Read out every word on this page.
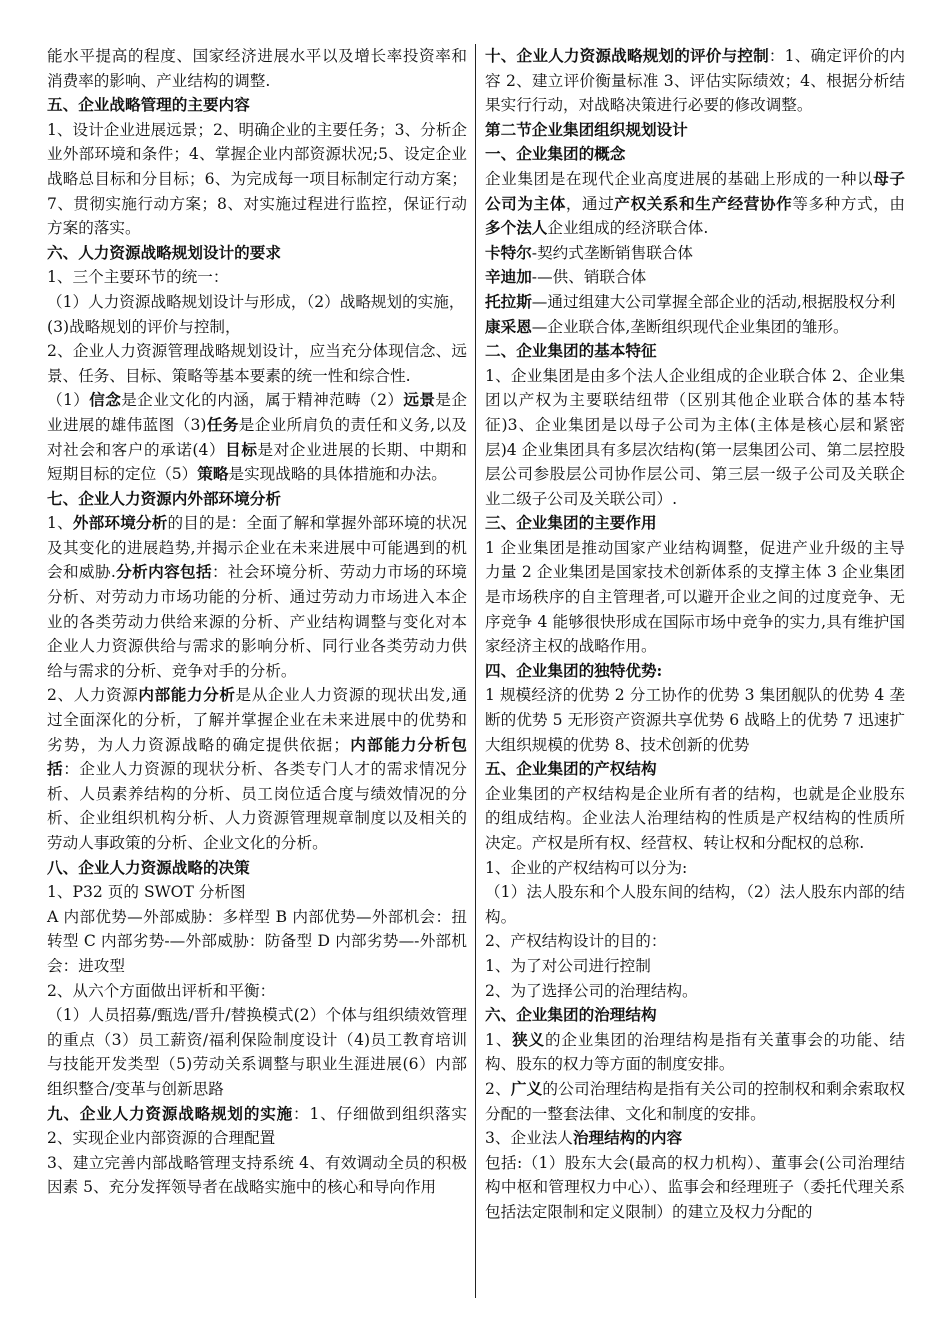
能水平提高的程度、国家经济进展水平以及增长率投资率和消费率的影响、产业结构的调整.

五、企业战略管理的主要内容

1、设计企业进展远景；2、明确企业的主要任务；3、分析企业外部环境和条件；4、掌握企业内部资源状况;5、设定企业战略总目标和分目标；6、为完成每一项目标制定行动方案；7、贯彻实施行动方案；8、对实施过程进行监控，保证行动方案的落实。

六、人力资源战略规划设计的要求

1、三个主要环节的统一：

（1）人力资源战略规划设计与形成，（2）战略规划的实施，

(3)战略规划的评价与控制，

2、企业人力资源管理战略规划设计，应当充分体现信念、远景、任务、目标、策略等基本要素的统一性和综合性.

（1）信念是企业文化的内涵，属于精神范畴（2）远景是企业进展的雄伟蓝图（3)任务是企业所肩负的责任和义务,以及对社会和客户的承诺(4）目标是对企业进展的长期、中期和短期目标的定位（5）策略是实现战略的具体措施和办法。

七、企业人力资源内外部环境分析

1、外部环境分析的目的是：全面了解和掌握外部环境的状况及其变化的进展趋势,并揭示企业在未来进展中可能遇到的机会和威胁.分析内容包括：社会环境分析、劳动力市场的环境分析、对劳动力市场功能的分析、通过劳动力市场进入本企业的各类劳动力供给来源的分析、产业结构调整与变化对本企业人力资源供给与需求的影响分析、同行业各类劳动力供给与需求的分析、竞争对手的分析。

2、人力资源内部能力分析是从企业人力资源的现状出发,通过全面深化的分析，了解并掌握企业在未来进展中的优势和劣势，为人力资源战略的确定提供依据；内部能力分析包括：企业人力资源的现状分析、各类专门人才的需求情况分析、人员素养结构的分析、员工岗位适合度与绩效情况的分析、企业组织机构分析、人力资源管理规章制度以及相关的劳动人事政策的分析、企业文化的分析。

八、企业人力资源战略的决策

1、P32 页的 SWOT 分析图

A 内部优势—外部威胁：多样型 B 内部优势—外部机会：扭转型 C 内部劣势-—外部威胁：防备型 D 内部劣势—-外部机会：进攻型

2、从六个方面做出评析和平衡：

（1）人员招募/甄选/晋升/替换模式(2）个体与组织绩效管理的重点（3）员工薪资/福利保险制度设计（4)员工教育培训与技能开发类型（5)劳动关系调整与职业生涯进展(6）内部组织整合/变革与创新思路

九、企业人力资源战略规划的实施：1、仔细做到组织落实 2、实现企业内部资源的合理配置

3、建立完善内部战略管理支持系统 4、有效调动全员的积极因素 5、充分发挥领导者在战略实施中的核心和导向作用

十、企业人力资源战略规划的评价与控制：1、确定评价的内容 2、建立评价衡量标准 3、评估实际绩效；4、根据分析结果实行行动，对战略决策进行必要的修改调整。

第二节企业集团组织规划设计

一、企业集团的概念

企业集团是在现代企业高度进展的基础上形成的一种以母子公司为主体，通过产权关系和生产经营协作等多种方式，由多个法人企业组成的经济联合体.

卡特尔-契约式垄断销售联合体

辛迪加-—供、销联合体

托拉斯—通过组建大公司掌握全部企业的活动,根据股权分利

康采恩—企业联合体,垄断组织现代企业集团的雏形。

二、企业集团的基本特征

1、企业集团是由多个法人企业组成的企业联合体 2、企业集团以产权为主要联结纽带（区别其他企业联合体的基本特征)3、企业集团是以母子公司为主体(主体是核心层和紧密层)4 企业集团具有多层次结构(第一层集团公司、第二层控股层公司参股层公司协作层公司、第三层一级子公司及关联企业二级子公司及关联公司）.

三、企业集团的主要作用

1 企业集团是推动国家产业结构调整，促进产业升级的主导力量 2 企业集团是国家技术创新体系的支撑主体 3 企业集团是市场秩序的自主管理者,可以避开企业之间的过度竞争、无序竞争 4 能够很快形成在国际市场中竞争的实力,具有维护国家经济主权的战略作用。

四、企业集团的独特优势:

1 规模经济的优势 2 分工协作的优势 3 集团舰队的优势 4 垄断的优势 5 无形资产资源共享优势 6 战略上的优势 7 迅速扩大组织规模的优势 8、技术创新的优势

五、企业集团的产权结构

企业集团的产权结构是企业所有者的结构，也就是企业股东的组成结构。企业法人治理结构的性质是产权结构的性质所决定。产权是所有权、经营权、转让权和分配权的总称.

1、企业的产权结构可以分为:

（1）法人股东和个人股东间的结构，（2）法人股东内部的结构。

2、产权结构设计的目的：

1、为了对公司进行控制

2、为了选择公司的治理结构。

六、企业集团的治理结构

1、狭义的企业集团的治理结构是指有关董事会的功能、结构、股东的权力等方面的制度安排。

2、广义的公司治理结构是指有关公司的控制权和剩余索取权分配的一整套法律、文化和制度的安排。

3、企业法人治理结构的内容

包括:（1）股东大会(最高的权力机构）、董事会(公司治理结构中枢和管理权力中心）、监事会和经理班子（委托代理关系包括法定限制和定义限制）的建立及权力分配的
